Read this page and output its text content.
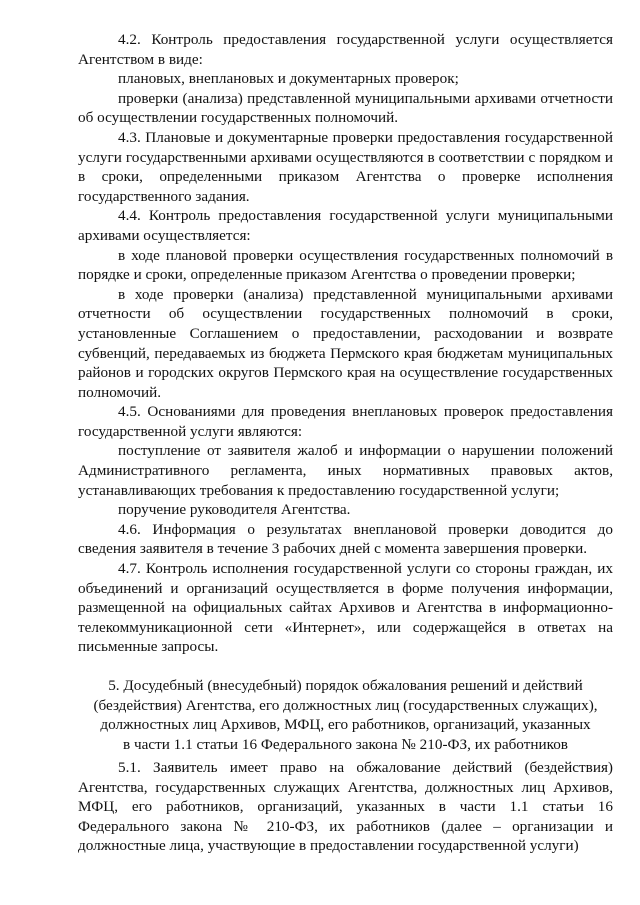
4.2. Контроль предоставления государственной услуги осуществляется Агентством в виде:

плановых, внеплановых и документарных проверок;

проверки (анализа) представленной муниципальными архивами отчетности об осуществлении государственных полномочий.

4.3. Плановые и документарные проверки предоставления государственной услуги государственными архивами осуществляются в соответствии с порядком и в сроки, определенными приказом Агентства о проверке исполнения государственного задания.

4.4. Контроль предоставления государственной услуги муниципальными архивами осуществляется:

в ходе плановой проверки осуществления государственных полномочий в порядке и сроки, определенные приказом Агентства о проведении проверки;

в ходе проверки (анализа) представленной муниципальными архивами отчетности об осуществлении государственных полномочий в сроки, установленные Соглашением о предоставлении, расходовании и возврате субвенций, передаваемых из бюджета Пермского края бюджетам муниципальных районов и городских округов Пермского края на осуществление государственных полномочий.

4.5. Основаниями для проведения внеплановых проверок предоставления государственной услуги являются:

поступление от заявителя жалоб и информации о нарушении положений Административного регламента, иных нормативных правовых актов, устанавливающих требования к предоставлению государственной услуги;

поручение руководителя Агентства.

4.6. Информация о результатах внеплановой проверки доводится до сведения заявителя в течение 3 рабочих дней с момента завершения проверки.

4.7. Контроль исполнения государственной услуги со стороны граждан, их объединений и организаций осуществляется в форме получения информации, размещенной на официальных сайтах Архивов и Агентства в информационно-телекоммуникационной сети «Интернет», или содержащейся в ответах на письменные запросы.

5. Досудебный (внесудебный) порядок обжалования решений и действий
(бездействия) Агентства, его должностных лиц (государственных служащих),
должностных лиц Архивов, МФЦ, его работников, организаций, указанных
в части 1.1 статьи 16 Федерального закона № 210-ФЗ, их работников

5.1. Заявитель имеет право на обжалование действий (бездействия) Агентства, государственных служащих Агентства, должностных лиц Архивов, МФЦ, его работников, организаций, указанных в части 1.1 статьи 16 Федерального закона № 210-ФЗ, их работников (далее – организации и должностные лица, участвующие в предоставлении государственной услуги)
